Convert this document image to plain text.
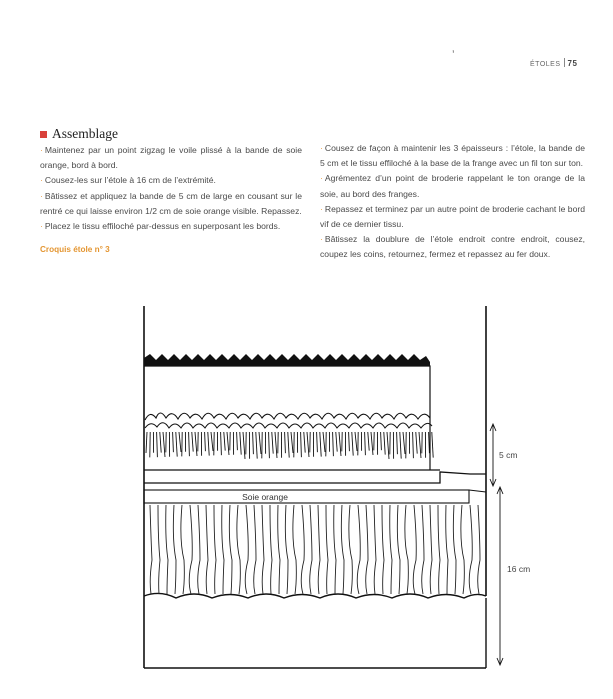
ÉTOLES 75
ʼ
Assemblage

· Maintenez par un point zigzag le voile plissé à la bande de soie orange, bord à bord.

· Cousez-les sur l’étole à 16 cm de l’extrémité.

· Bâtissez et appliquez la bande de 5 cm de large en cousant sur le rentré ce qui laisse environ 1/2 cm de soie orange visible. Repassez.

· Placez le tissu effiloché par-dessus en superposant les bords.

Croquis étole n° 3

· Cousez de façon à maintenir les 3 épaisseurs : l’étole, la bande de 5 cm et le tissu effiloché à la base de la frange avec un fil ton sur ton.

· Agrémentez d’un point de broderie rappelant le ton orange de la soie, au bord des franges.

· Repassez et terminez par un autre point de broderie cachant le bord vif de ce dernier tissu.

· Bâtissez la doublure de l’étole endroit contre endroit, cousez, coupez les coins, retournez, fermez et repassez au fer doux.

Soie orange
5 cm
16 cm
